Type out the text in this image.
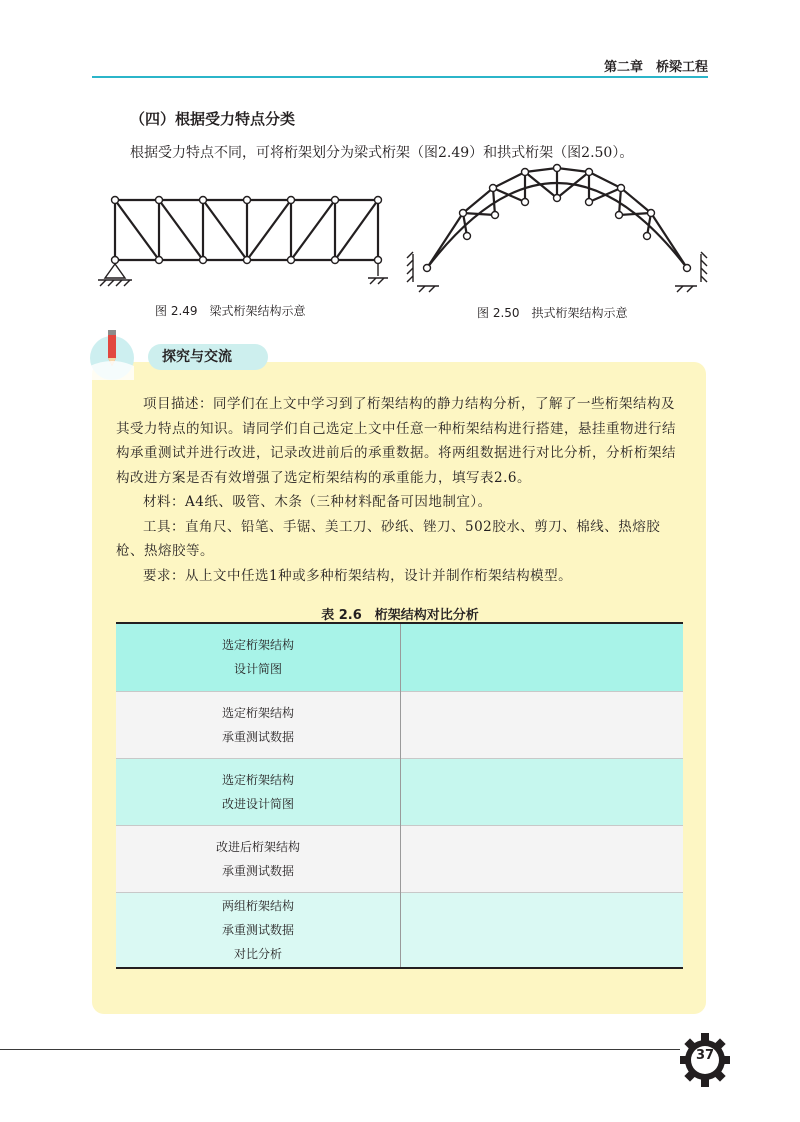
第二章　桥梁工程
（四）根据受力特点分类
根据受力特点不同，可将桁架划分为梁式桁架（图2.49）和拱式桁架（图2.50）。
图 2.49　梁式桁架结构示意	图 2.50　拱式桁架结构示意
探究与交流

项目描述：同学们在上文中学习到了桁架结构的静力结构分析，了解了一些桁架结构及其受力特点的知识。请同学们自己选定上文中任意一种桁架结构进行搭建，悬挂重物进行结构承重测试并进行改进，记录改进前后的承重数据。将两组数据进行对比分析，分析桁架结构改进方案是否有效增强了选定桁架结构的承重能力，填写表2.6。

材料：A4纸、吸管、木条（三种材料配备可因地制宜）。

工具：直角尺、铅笔、手锯、美工刀、砂纸、锉刀、502胶水、剪刀、棉线、热熔胶枪、热熔胶等。

要求：从上文中任选1种或多种桁架结构，设计并制作桁架结构模型。

表 2.6　桁架结构对比分析
选定桁架结构
设计简图	

选定桁架结构
承重测试数据	

选定桁架结构
改进设计简图	

改进后桁架结构
承重测试数据	

两组桁架结构
承重测试数据
对比分析	

37
